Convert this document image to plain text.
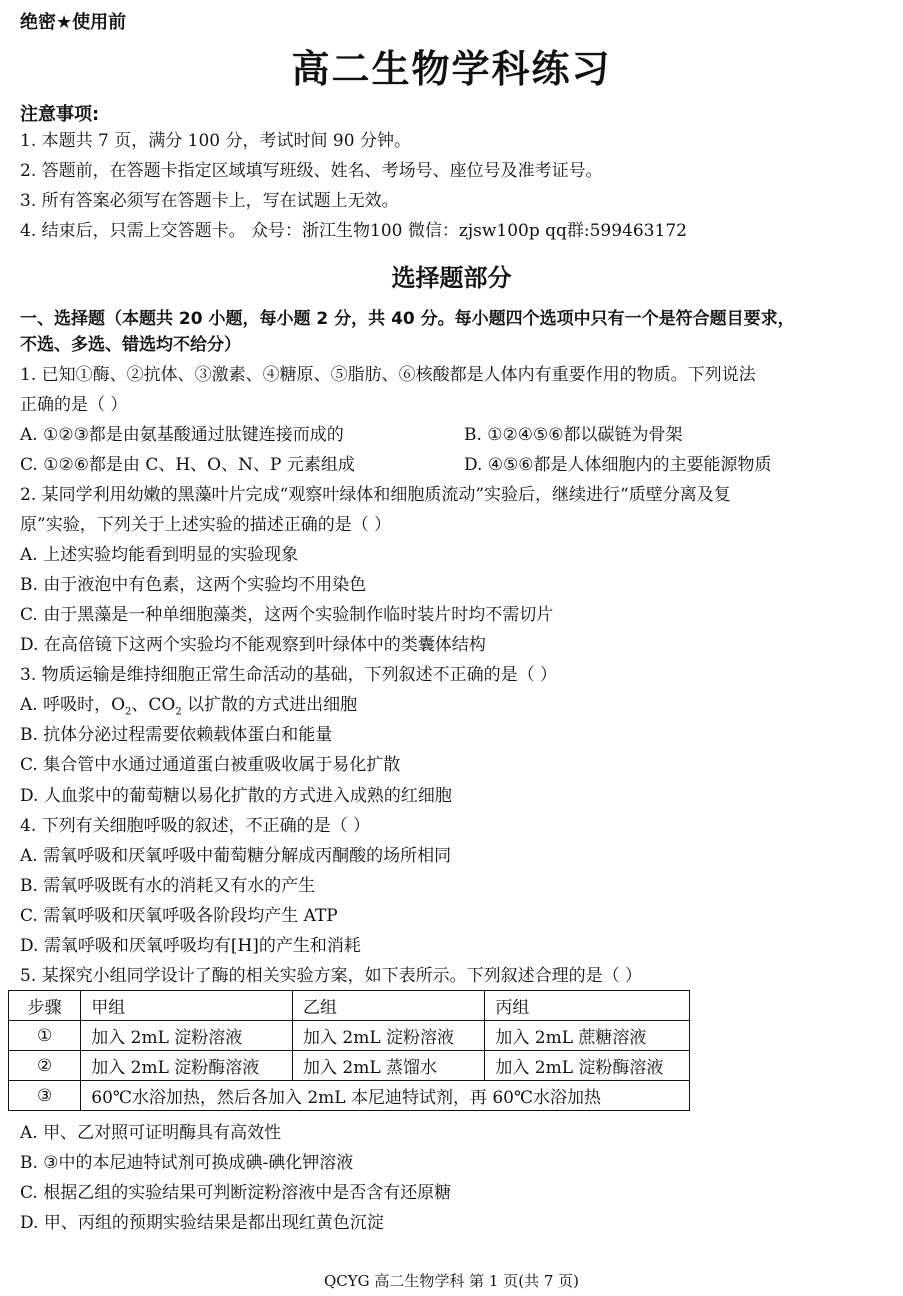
绝密★使用前
高二生物学科练习
注意事项:
1. 本题共 7 页，满分 100 分，考试时间 90 分钟。
2. 答题前，在答题卡指定区域填写班级、姓名、考场号、座位号及准考证号。
3. 所有答案必须写在答题卡上，写在试题上无效。
4. 结束后，只需上交答题卡。 众号：浙江生物100 微信：zjsw100p qq群:599463172
选择题部分
一、选择题（本题共 20 小题，每小题 2 分，共 40 分。每小题四个选项中只有一个是符合题目要求，
不选、多选、错选均不给分）
1. 已知①酶、②抗体、③激素、④糖原、⑤脂肪、⑥核酸都是人体内有重要作用的物质。下列说法
正确的是（ ）
A. ①②③都是由氨基酸通过肽键连接而成的	B. ①②④⑤⑥都以碳链为骨架
C. ①②⑥都是由 C、H、O、N、P 元素组成	D. ④⑤⑥都是人体细胞内的主要能源物质
2. 某同学利用幼嫩的黑藻叶片完成“观察叶绿体和细胞质流动”实验后，继续进行“质壁分离及复
原”实验，下列关于上述实验的描述正确的是（ ）
A. 上述实验均能看到明显的实验现象
B. 由于液泡中有色素，这两个实验均不用染色
C. 由于黑藻是一种单细胞藻类，这两个实验制作临时装片时均不需切片
D. 在高倍镜下这两个实验均不能观察到叶绿体中的类囊体结构
3. 物质运输是维持细胞正常生命活动的基础，下列叙述不正确的是（ ）
A. 呼吸时，$O_2$、$CO_2$ 以扩散的方式进出细胞
B. 抗体分泌过程需要依赖载体蛋白和能量
C. 集合管中水通过通道蛋白被重吸收属于易化扩散
D. 人血浆中的葡萄糖以易化扩散的方式进入成熟的红细胞
4. 下列有关细胞呼吸的叙述，不正确的是（ ）
A. 需氧呼吸和厌氧呼吸中葡萄糖分解成丙酮酸的场所相同
B. 需氧呼吸既有水的消耗又有水的产生
C. 需氧呼吸和厌氧呼吸各阶段均产生 ATP
D. 需氧呼吸和厌氧呼吸均有[H]的产生和消耗
5. 某探究小组同学设计了酶的相关实验方案，如下表所示。下列叙述合理的是（ ）
步骤	甲组	乙组	丙组
①	加入 2mL 淀粉溶液	加入 2mL 淀粉溶液	加入 2mL 蔗糖溶液
②	加入 2mL 淀粉酶溶液	加入 2mL 蒸馏水	加入 2mL 淀粉酶溶液
③	60℃水浴加热，然后各加入 2mL 本尼迪特试剂，再 60℃水浴加热		
A. 甲、乙对照可证明酶具有高效性
B. ③中的本尼迪特试剂可换成碘-碘化钾溶液
C. 根据乙组的实验结果可判断淀粉溶液中是否含有还原糖
D. 甲、丙组的预期实验结果是都出现红黄色沉淀
QCYG 高二生物学科 第 1 页(共 7 页)
